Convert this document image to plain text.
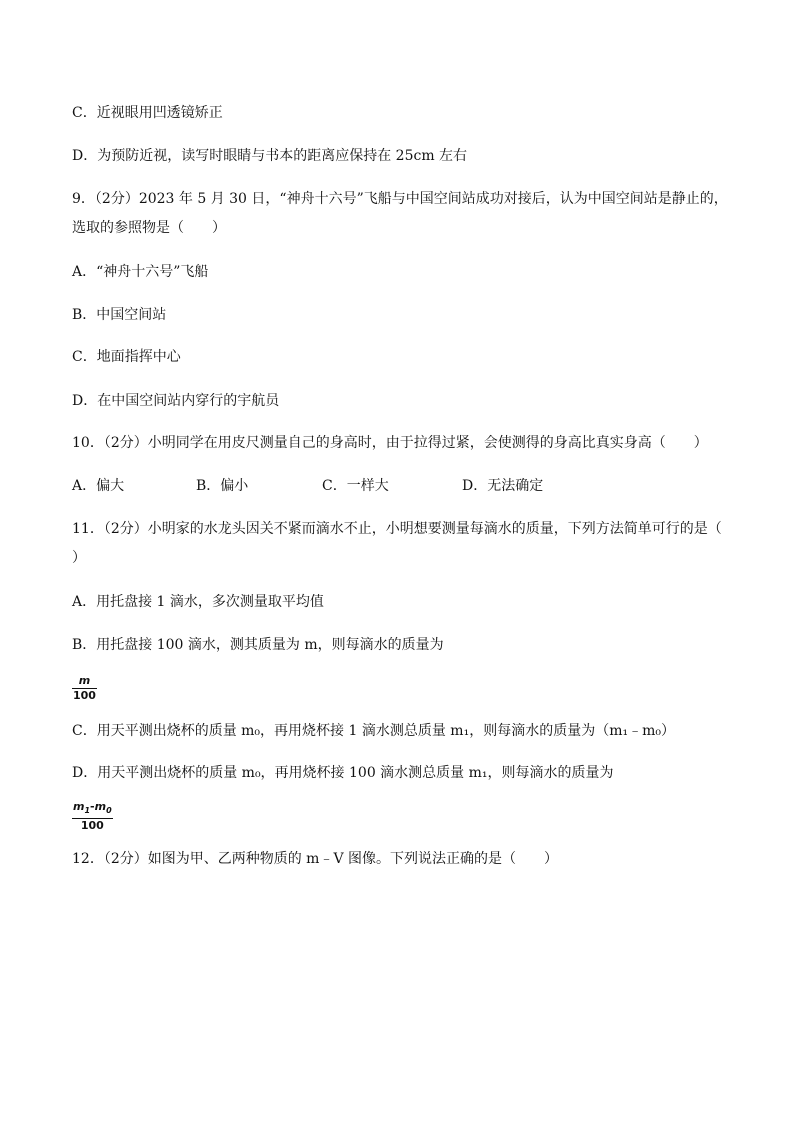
C．近视眼用凹透镜矫正
D．为预防近视，读写时眼睛与书本的距离应保持在 25cm 左右
9．（2分）2023 年 5 月 30 日，“神舟十六号”飞船与中国空间站成功对接后，认为中国空间站是静止的，
选取的参照物是（　　）
A．“神舟十六号”飞船
B．中国空间站
C．地面指挥中心
D．在中国空间站内穿行的宇航员
10．（2分）小明同学在用皮尺测量自己的身高时，由于拉得过紧，会使测得的身高比真实身高（　　）
A．偏大	B．偏小	C．一样大	D．无法确定
11．（2分）小明家的水龙头因关不紧而滴水不止，小明想要测量每滴水的质量，下列方法简单可行的是（
）
A．用托盘接 1 滴水，多次测量取平均值
B．用托盘接 100 滴水，测其质量为 m，则每滴水的质量为
m
100
C．用天平测出烧杯的质量 m₀，再用烧杯接 1 滴水测总质量 m₁，则每滴水的质量为（m₁﹣m₀）
D．用天平测出烧杯的质量 m₀，再用烧杯接 100 滴水测总质量 m₁，则每滴水的质量为
$m_1-m_0$
100
12．（2分）如图为甲、乙两种物质的 m﹣V 图像。下列说法正确的是（　　）
